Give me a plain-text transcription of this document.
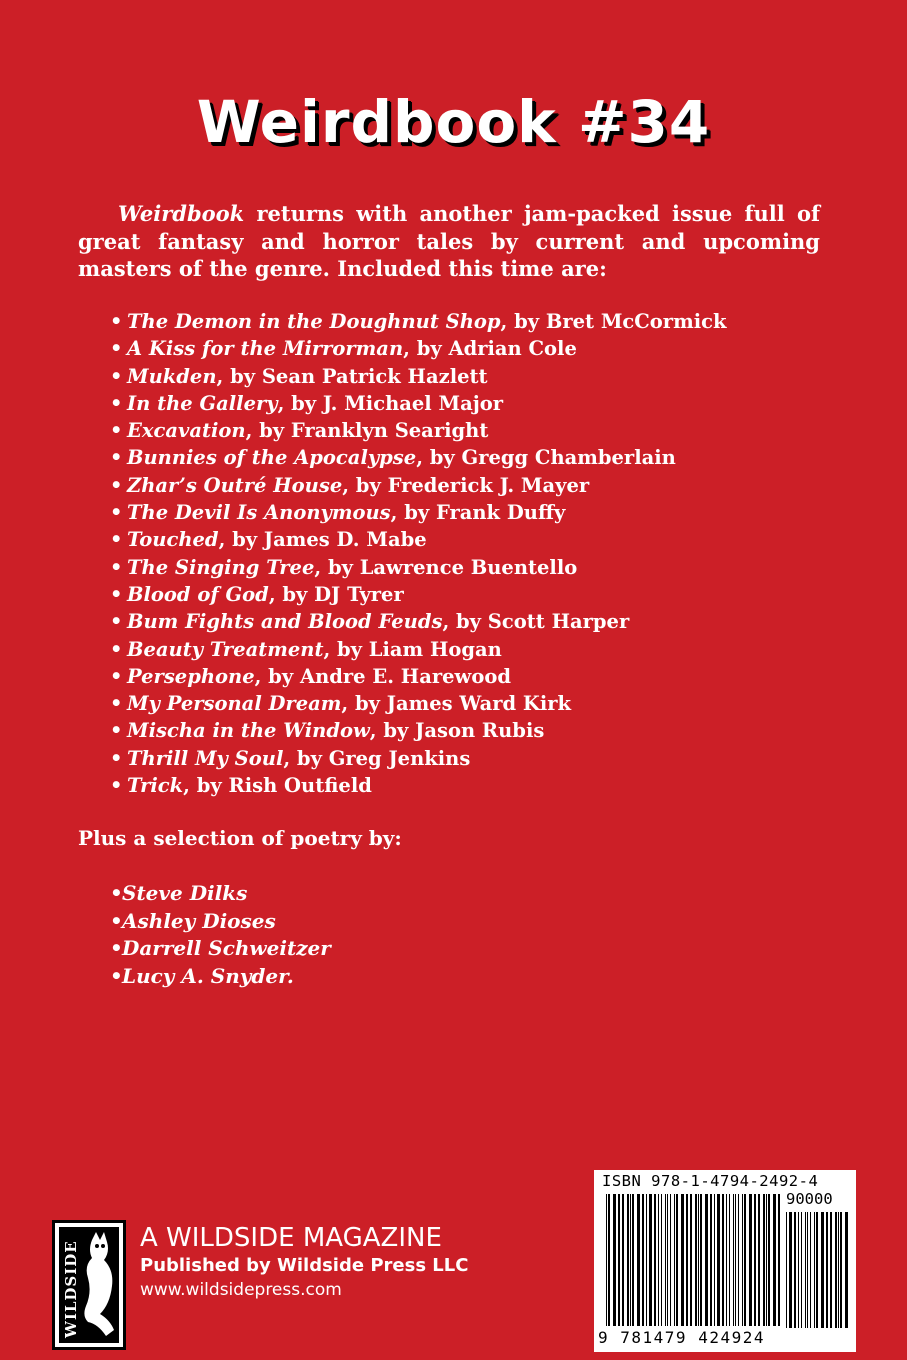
Weirdbook #34

Weirdbook returns with another jam-packed issue full of great fantasy and horror tales by current and upcoming masters of the genre. Included this time are:

• The Demon in the Doughnut Shop, by Bret McCormick
• A Kiss for the Mirrorman, by Adrian Cole
• Mukden, by Sean Patrick Hazlett
• In the Gallery, by J. Michael Major
• Excavation, by Franklyn Searight
• Bunnies of the Apocalypse, by Gregg Chamberlain
• Zhar’s Outré House, by Frederick J. Mayer
• The Devil Is Anonymous, by Frank Duffy
• Touched, by James D. Mabe
• The Singing Tree, by Lawrence Buentello
• Blood of God, by DJ Tyrer
• Bum Fights and Blood Feuds, by Scott Harper
• Beauty Treatment, by Liam Hogan
• Persephone, by Andre E. Harewood
• My Personal Dream, by James Ward Kirk
• Mischa in the Window, by Jason Rubis
• Thrill My Soul, by Greg Jenkins
• Trick, by Rish Outfield

Plus a selection of poetry by:

•Steve Dilks
•Ashley Dioses
•Darrell Schweitzer
•Lucy A. Snyder.
WILDSIDE
A WILDSIDE MAGAZINE
Published by Wildside Press LLC
www.wildsidepress.com
ISBN 978-1-4794-2492-4
90000
9 781479 424924
